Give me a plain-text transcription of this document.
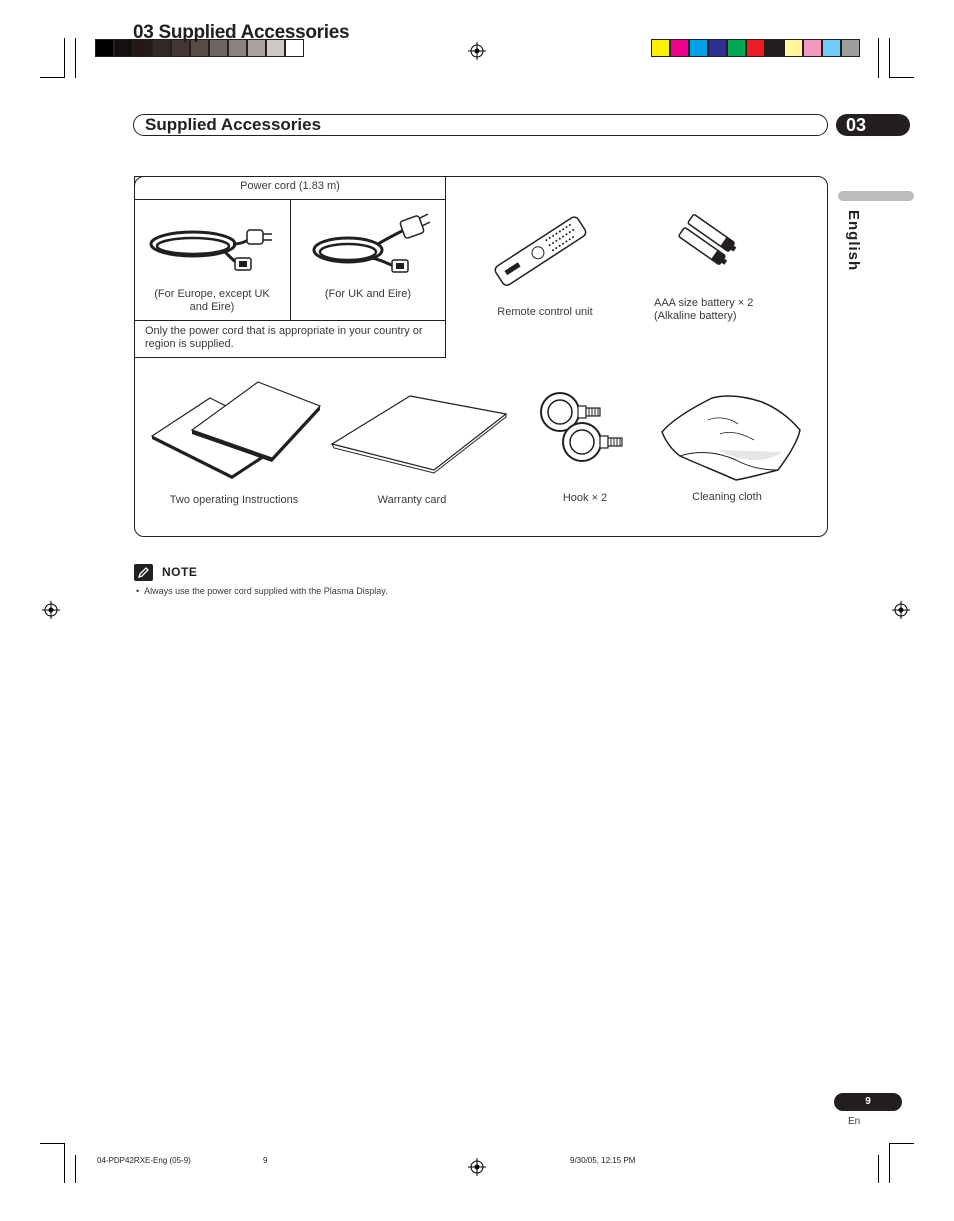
03 Supplied Accessories
Supplied Accessories	03
English
Power cord (1.83 m)
(For Europe, except UK and Eire)
(For UK and Eire)
Only the power cord that is appropriate in your country or region is supplied.
Remote control unit
AAA size battery × 2
(Alkaline battery)
Two operating Instructions	Warranty card	Hook × 2	Cleaning cloth
NOTE
• Always use the power cord supplied with the Plasma Display.
9
En
04-PDP42RXE-Eng (05-9)	9	9/30/05, 12:15 PM
